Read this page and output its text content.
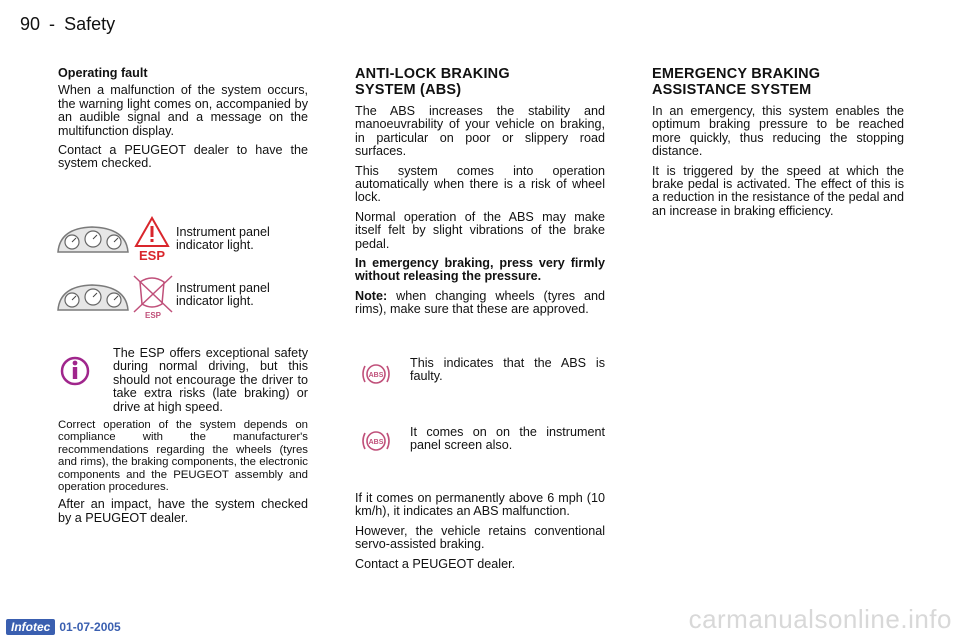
90 - Safety
Operating fault

When a malfunction of the system occurs, the warning light comes on, accompanied by an audible signal and a message on the multifunction display.

Contact a PEUGEOT dealer to have the system checked.

ESP
Instrument panel indicator light.
ESP
Instrument panel indicator light.

The ESP offers exceptional safety during normal driving, but this should not encourage the driver to take extra risks (late braking) or drive at high speed.

Correct operation of the system depends on compliance with the manufacturer's recommendations regarding the wheels (tyres and rims), the braking components, the electronic components and the PEUGEOT assembly and operation procedures.

After an impact, have the system checked by a PEUGEOT dealer.

ANTI-LOCK BRAKING
SYSTEM (ABS)

The ABS increases the stability and manoeuvrability of your vehicle on braking, in particular on poor or slippery road surfaces.

This system comes into operation automatically when there is a risk of wheel lock.

Normal operation of the ABS may make itself felt by slight vibrations of the brake pedal.

In emergency braking, press very firmly without releasing the pressure.

Note: when changing wheels (tyres and rims), make sure that these are approved.

ABS
This indicates that the ABS is faulty.
ABS
It comes on on the instrument panel screen also.

If it comes on permanently above 6 mph (10 km/h), it indicates an ABS malfunction.

However, the vehicle retains conventional servo-assisted braking.

Contact a PEUGEOT dealer.

EMERGENCY BRAKING
ASSISTANCE SYSTEM

In an emergency, this system enables the optimum braking pressure to be reached more quickly, thus reducing the stopping distance.

It is triggered by the speed at which the brake pedal is activated. The effect of this is a reduction in the resistance of the pedal and an increase in braking efficiency.

Infotec 01-07-2005	carmanualsonline.info
